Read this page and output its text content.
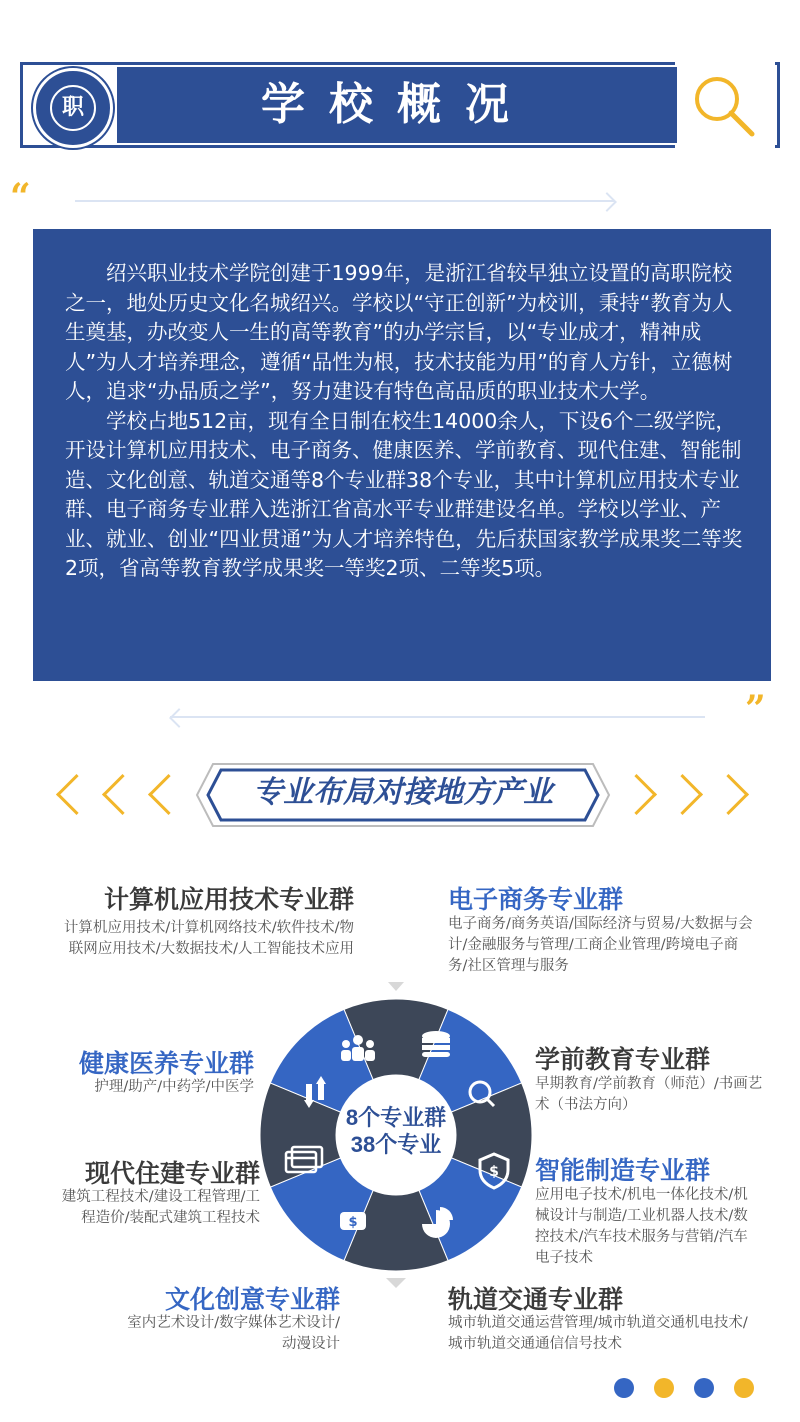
职	学校概况
“

绍兴职业技术学院创建于1999年，是浙江省较早独立设置的高职院校之一，地处历史文化名城绍兴。学校以“守正创新”为校训，秉持“教育为人生奠基，办改变人一生的高等教育”的办学宗旨，以“专业成才，精神成人”为人才培养理念，遵循“品性为根，技术技能为用”的育人方针，立德树人，追求“办品质之学”，努力建设有特色高品质的职业技术大学。

学校占地512亩，现有全日制在校生14000余人，下设6个二级学院，开设计算机应用技术、电子商务、健康医养、学前教育、现代住建、智能制造、文化创意、轨道交通等8个专业群38个专业，其中计算机应用技术专业群、电子商务专业群入选浙江省高水平专业群建设名单。学校以学业、产业、就业、创业“四业贯通”为人才培养特色，先后获国家教学成果奖二等奖2项，省高等教育教学成果奖一等奖2项、二等奖5项。

”
专业布局对接地方产业
计算机应用技术专业群
计算机应用技术/计算机网络技术/软件技术/物联网应用技术/大数据技术/人工智能技术应用
健康医养专业群
护理/助产/中药学/中医学
现代住建专业群
建筑工程技术/建设工程管理/工程造价/装配式建筑工程技术
文化创意专业群
室内艺术设计/数字媒体艺术设计/动漫设计
电子商务专业群
电子商务/商务英语/国际经济与贸易/大数据与会计/金融服务与管理/工商企业管理/跨境电子商务/社区管理与服务
学前教育专业群
早期教育/学前教育（师范）/书画艺术（书法方向）
智能制造专业群
应用电子技术/机电一体化技术/机械设计与制造/工业机器人技术/数控技术/汽车技术服务与营销/汽车电子技术
轨道交通专业群
城市轨道交通运营管理/城市轨道交通机电技术/城市轨道交通通信信号技术
8个专业群
38个专业
$
$
